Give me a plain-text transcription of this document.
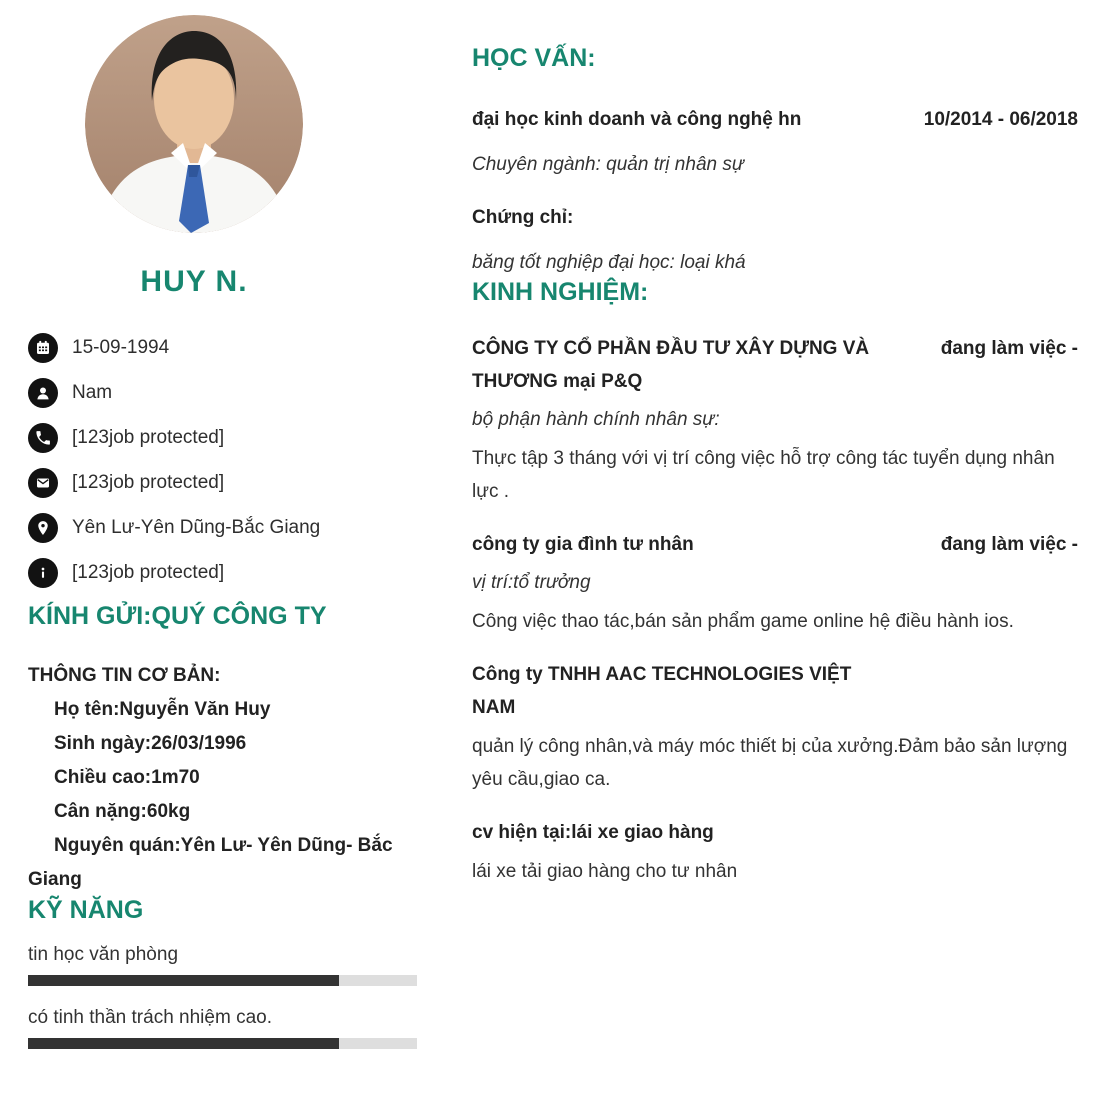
HUY N.
15-09-1994
Nam
[123job protected]
[123job protected]
Yên Lư-Yên Dũng-Bắc Giang
[123job protected]
KÍNH GỬI:QUÝ CÔNG TY
THÔNG TIN CƠ BẢN:

Họ tên:Nguyễn Văn Huy

Sinh ngày:26/03/1996

Chiều cao:1m70

Cân nặng:60kg

Nguyên quán:Yên Lư- Yên Dũng- Bắc Giang

KỸ NĂNG
tin học văn phòng
có tinh thần trách nhiệm cao.
HỌC VẤN:
đại học kinh doanh và công nghệ hn	10/2014 - 06/2018

Chuyên ngành: quản trị nhân sự

Chứng chỉ:

băng tốt nghiệp đại học: loại khá

KINH NGHIỆM:
CÔNG TY CỔ PHẦN ĐẦU TƯ XÂY DỰNG VÀ THƯƠNG mại P&Q
đang làm việc -

bộ phận hành chính nhân sự:

Thực tập 3 tháng với vị trí công việc hỗ trợ công tác tuyển dụng nhân lực .

công ty gia đình tư nhân	đang làm việc -

vị trí:tổ trưởng

Công việc thao tác,bán sản phẩm game online hệ điều hành ios.

Công ty TNHH AAC TECHNOLOGIES VIỆT NAM

quản lý công nhân,và máy móc thiết bị của xưởng.Đảm bảo sản lượng yêu cầu,giao ca.

cv hiện tại:lái xe giao hàng

lái xe tải giao hàng cho tư nhân
